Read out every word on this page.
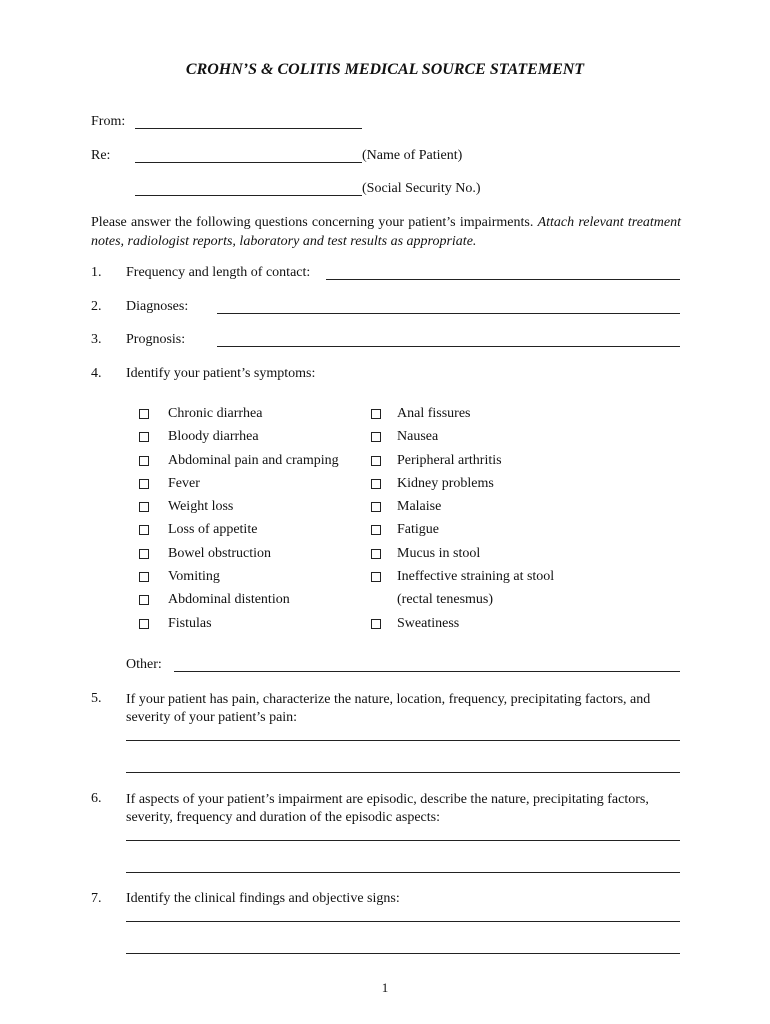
CROHN’S & COLITIS MEDICAL SOURCE STATEMENT
From:
Re:	(Name of Patient)
(Social Security No.)
Please answer the following questions concerning your patient’s impairments. Attach relevant treatment notes, radiologist reports, laboratory and test results as appropriate.
1. Frequency and length of contact:
2. Diagnoses:
3. Prognosis:
4. Identify your patient’s symptoms:
Chronic diarrhea
Bloody diarrhea
Abdominal pain and cramping
Fever
Weight loss
Loss of appetite
Bowel obstruction
Vomiting
Abdominal distention
Fistulas
Anal fissures
Nausea
Peripheral arthritis
Kidney problems
Malaise
Fatigue
Mucus in stool
Ineffective straining at stool
(rectal tenesmus)
Sweatiness
Other:
5. If your patient has pain, characterize the nature, location, frequency, precipitating factors, and severity of your patient’s pain:
6. If aspects of your patient’s impairment are episodic, describe the nature, precipitating factors, severity, frequency and duration of the episodic aspects:
7. Identify the clinical findings and objective signs:
1
